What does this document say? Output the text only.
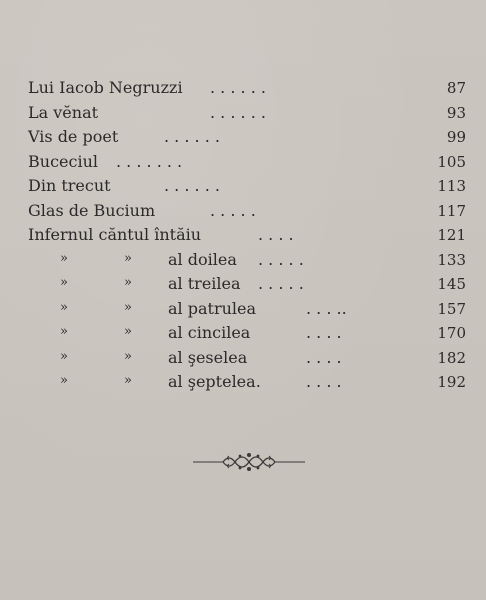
Lui Iacob Negruzzi . . . . . .	87
La vĕnat	. . . . . .	93
Vis de poet	. . . . . .	99
Buceciul . . . . . . .	105
Din trecut	. . . . . .	113
Glas de Bucium	. . . . .	117
Infernul căntul întăiu	. . . .	121
»	» al doilea . . . . .	133
»	» al treilea . . . . .	145
»	» al patrulea	. . . ..	157
»	» al cincilea	. . . .	170
»	» al şeselea	. . . .	182
»	» al şeptelea.	. . . .	192
